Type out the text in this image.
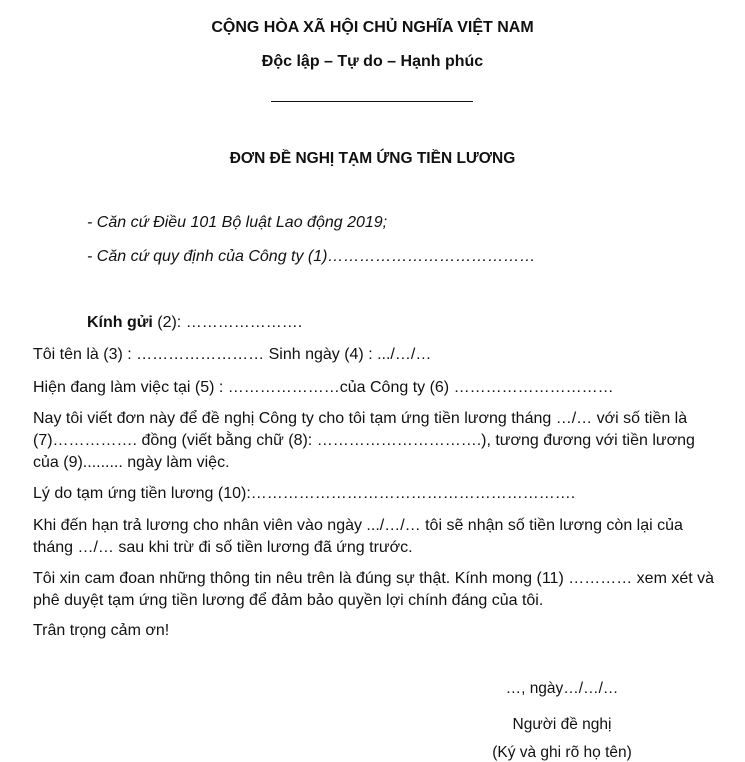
CỘNG HÒA XÃ HỘI CHỦ NGHĨA VIỆT NAM

Độc lập – Tự do – Hạnh phúc

ĐƠN ĐỀ NGHỊ TẠM ỨNG TIỀN LƯƠNG

- Căn cứ Điều 101 Bộ luật Lao động 2019;

- Căn cứ quy định của Công ty (1)…………………………………

Kính gửi (2): ………………….

Tôi tên là (3) : …………………… Sinh ngày (4) : .../…/…

Hiện đang làm việc tại (5) : …………………của Công ty (6) …………………………

Nay tôi viết đơn này để đề nghị Công ty cho tôi tạm ứng tiền lương tháng …/… với số tiền là (7)……………. đồng (viết bằng chữ (8): ………………………….), tương đương với tiền lương của (9)......... ngày làm việc.

Lý do tạm ứng tiền lương (10):…………………………………………………….

Khi đến hạn trả lương cho nhân viên vào ngày .../…/… tôi sẽ nhận số tiền lương còn lại của tháng …/… sau khi trừ đi số tiền lương đã ứng trước.

Tôi xin cam đoan những thông tin nêu trên là đúng sự thật. Kính mong (11) ………… xem xét và phê duyệt tạm ứng tiền lương để đảm bảo quyền lợi chính đáng của tôi.

Trân trọng cảm ơn!

…, ngày…/…/…

Người đề nghị

(Ký và ghi rõ họ tên)
